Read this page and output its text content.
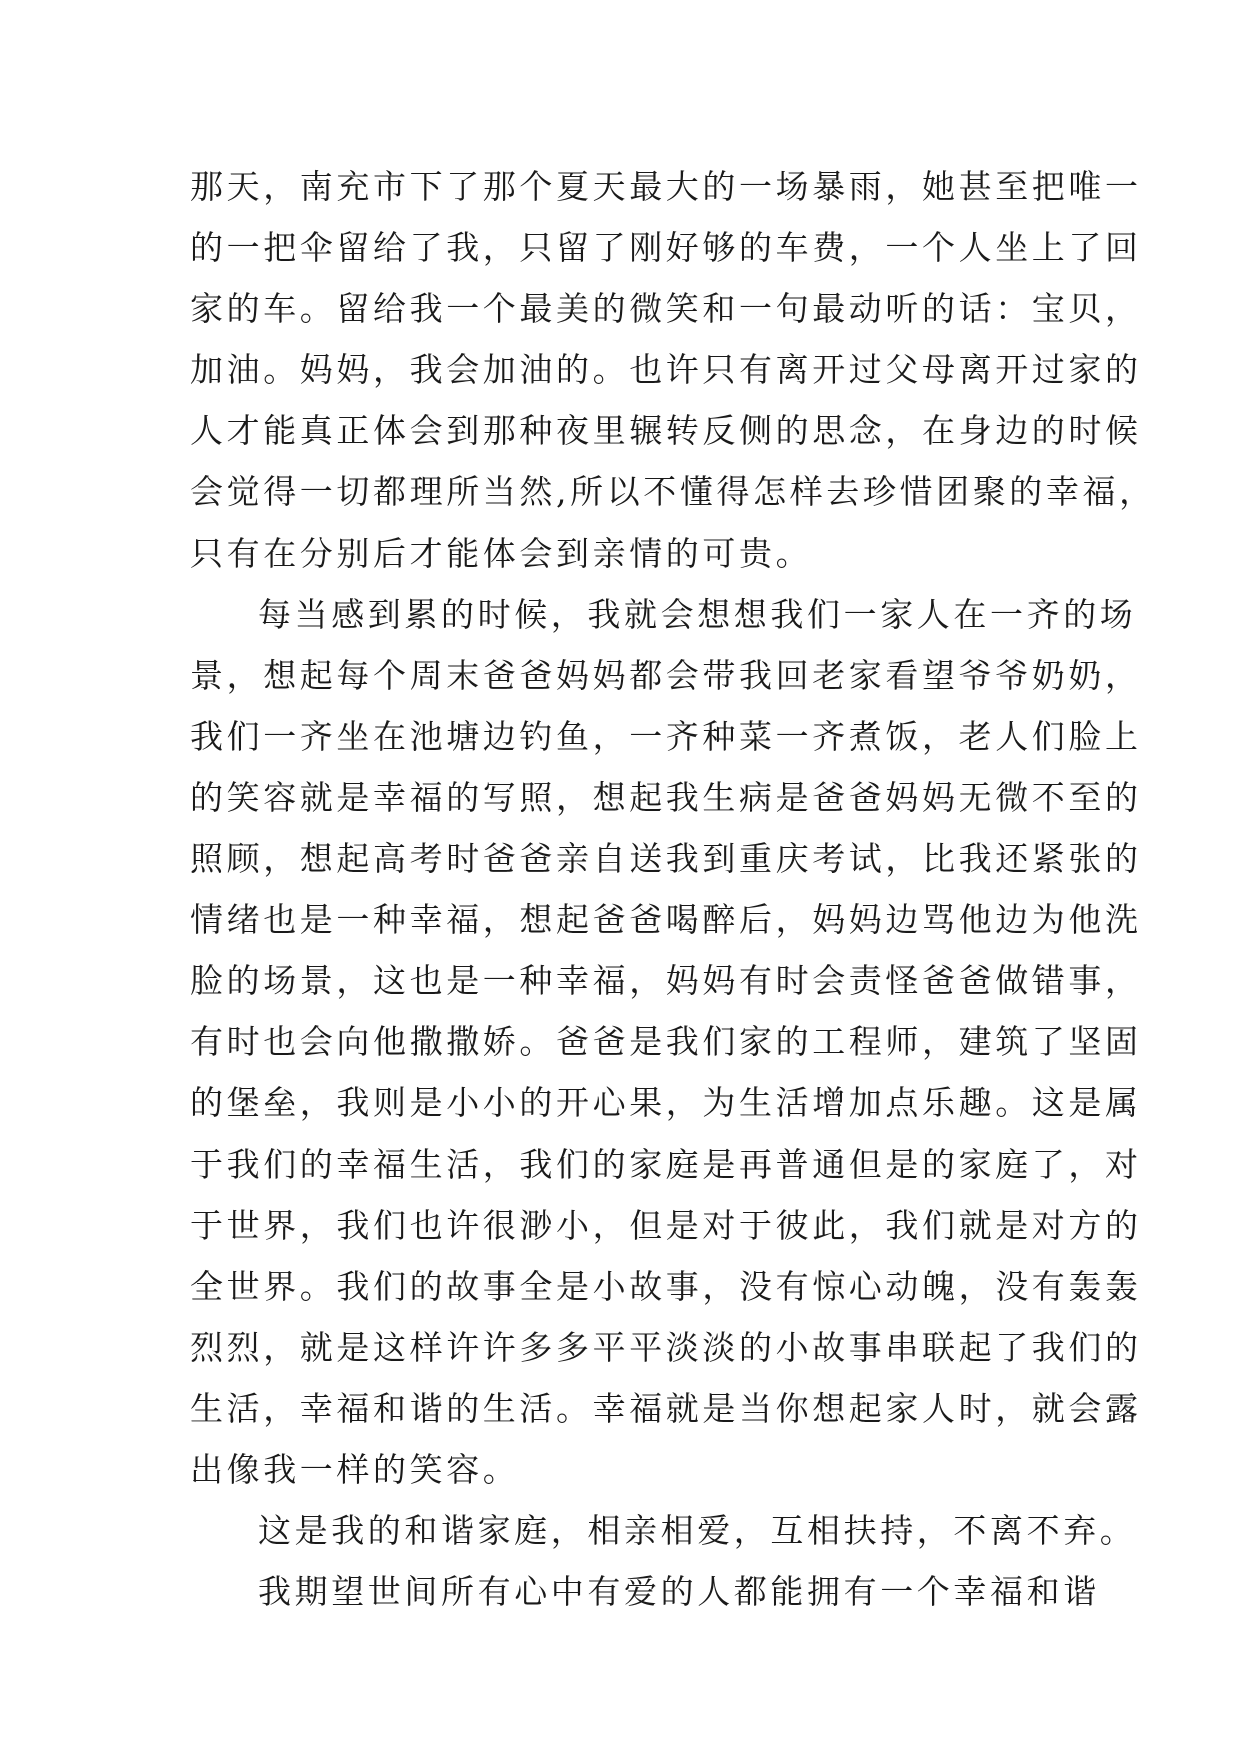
那天，南充市下了那个夏天最大的一场暴雨，她甚至把唯一
的一把伞留给了我，只留了刚好够的车费，一个人坐上了回
家的车。留给我一个最美的微笑和一句最动听的话：宝贝，
加油。妈妈，我会加油的。也许只有离开过父母离开过家的
人才能真正体会到那种夜里辗转反侧的思念，在身边的时候
会觉得一切都理所当然,所以不懂得怎样去珍惜团聚的幸福，
只有在分别后才能体会到亲情的可贵。
每当感到累的时候，我就会想想我们一家人在一齐的场
景，想起每个周末爸爸妈妈都会带我回老家看望爷爷奶奶，
我们一齐坐在池塘边钓鱼，一齐种菜一齐煮饭，老人们脸上
的笑容就是幸福的写照，想起我生病是爸爸妈妈无微不至的
照顾，想起高考时爸爸亲自送我到重庆考试，比我还紧张的
情绪也是一种幸福，想起爸爸喝醉后，妈妈边骂他边为他洗
脸的场景，这也是一种幸福，妈妈有时会责怪爸爸做错事，
有时也会向他撒撒娇。爸爸是我们家的工程师，建筑了坚固
的堡垒，我则是小小的开心果，为生活增加点乐趣。这是属
于我们的幸福生活，我们的家庭是再普通但是的家庭了，对
于世界，我们也许很渺小，但是对于彼此，我们就是对方的
全世界。我们的故事全是小故事，没有惊心动魄，没有轰轰
烈烈，就是这样许许多多平平淡淡的小故事串联起了我们的
生活，幸福和谐的生活。幸福就是当你想起家人时，就会露
出像我一样的笑容。
这是我的和谐家庭，相亲相爱，互相扶持，不离不弃。
我期望世间所有心中有爱的人都能拥有一个幸福和谐
